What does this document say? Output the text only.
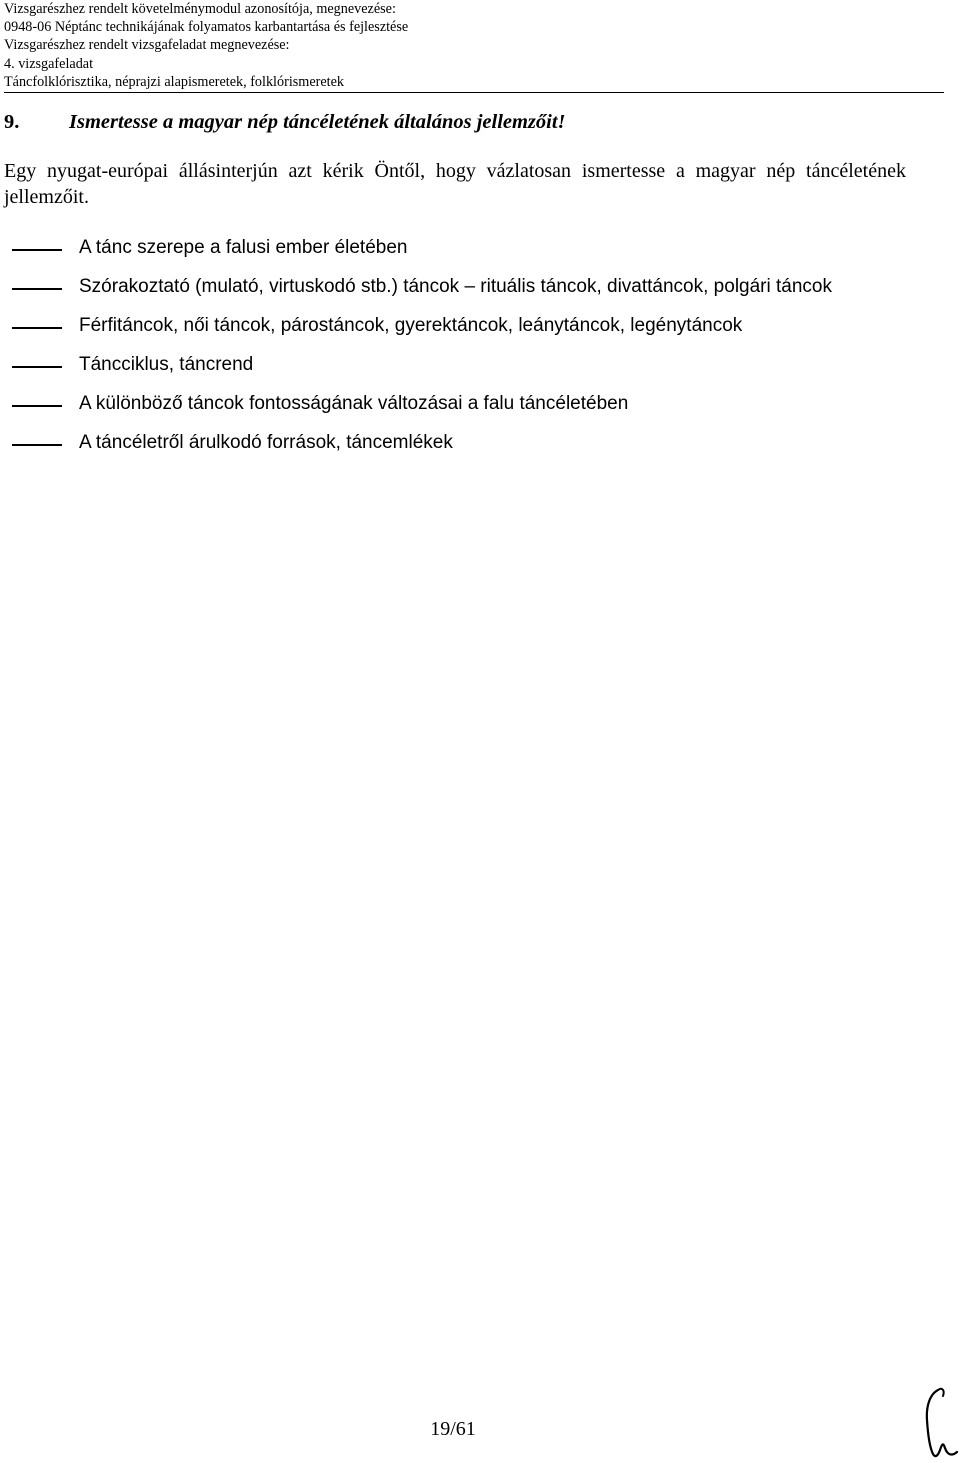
Vizsgarészhez rendelt követelménymodul azonosítója, megnevezése:
0948-06 Néptánc technikájának folyamatos karbantartása és fejlesztése
Vizsgarészhez rendelt vizsgafeladat megnevezése:
4. vizsgafeladat
Táncfolklórisztika, néprajzi alapismeretek, folklórismeretek
9. Ismertesse a magyar nép táncéletének általános jellemzőit!
Egy nyugat-európai állásinterjún azt kérik Öntől, hogy vázlatosan ismertesse a magyar nép táncéletének jellemzőit.
A tánc szerepe a falusi ember életében
Szórakoztató (mulató, virtuskodó stb.) táncok – rituális táncok, divattáncok, polgári táncok
Férfitáncok, női táncok, párostáncok, gyerektáncok, leánytáncok, legénytáncok
Táncciklus, táncrend
A különböző táncok fontosságának változásai a falu táncéletében
A táncéletről árulkodó források, táncemlékek
19/61
